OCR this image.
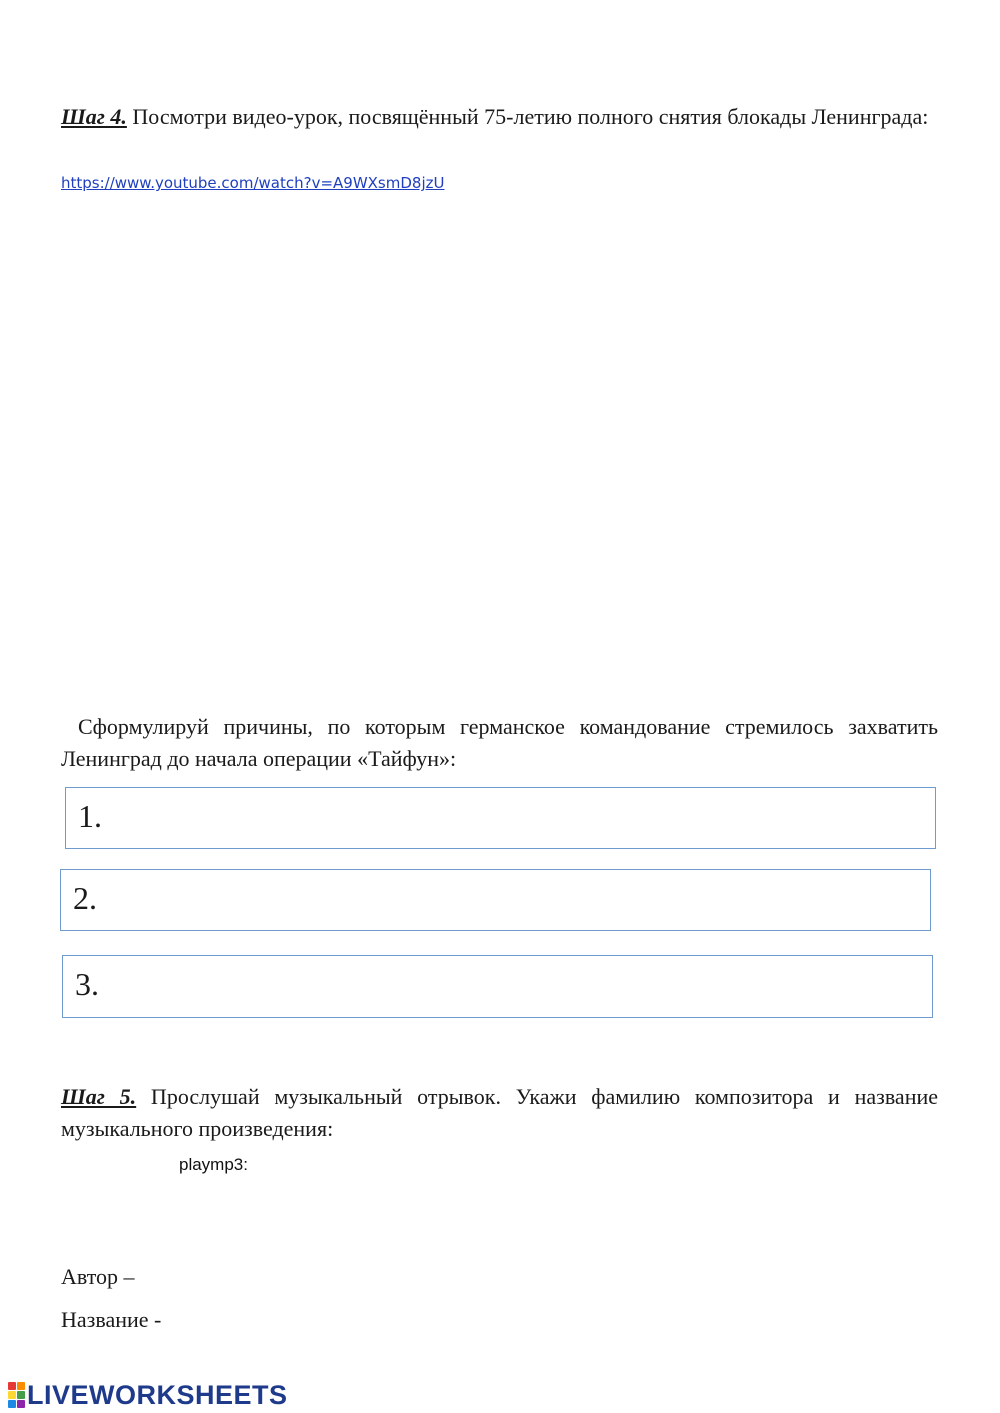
Шаг 4. Посмотри видео-урок, посвящённый 75-летию полного снятия блокады Ленинграда:
https://www.youtube.com/watch?v=A9WXsmD8jzU
Сформулируй причины, по которым германское командование стремилось захватить Ленинград до начала операции «Тайфун»:
1.
2.
3.
Шаг 5. Прослушай музыкальный отрывок. Укажи фамилию композитора и название музыкального произведения:
playmp3:
Автор –
Название -
LIVEWORKSHEETS
